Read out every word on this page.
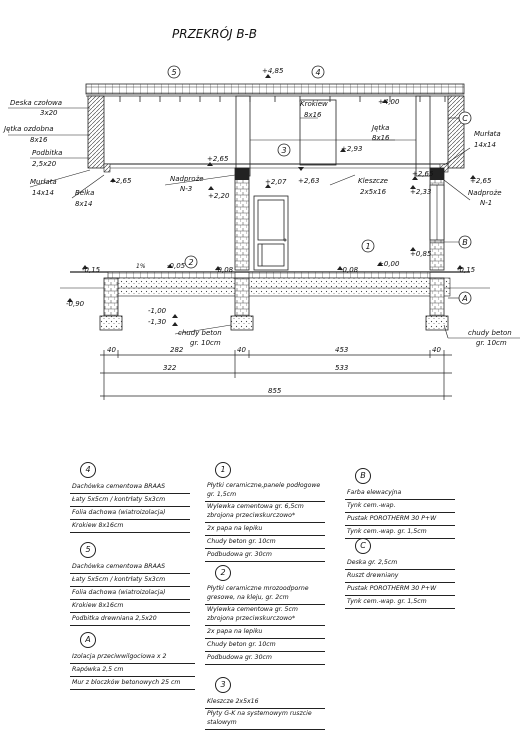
PRZEKRÓJ B-B
40	282	40	453	40
322	533
855
5	4
3
2
1
A
B
C
Deska czołowa
3x20
Jętka ozdobna
8x16
Podbitka
2,5x20
Murłata
14x14	Belka
8x14
Krokiew
8x16
Jętka
8x16	Murłata
14x14
Nadproże
N-1
Nadproże
N-3
Kleszcze
2x5x16
chudy beton
gr. 10cm
chudy beton
gr. 10cm
1%
+4,85
+4,00
+2,65
+2,65
+2,93
+2,20
+2,07 +2,63
+2,65
+2,65
+2,33
+0,85
-0,15	-0,05	-0,08	-0,08
±0,00
-0,15
-0,90
-1,00
-1,30
4
Dachówka cementowa BRAAS
Łaty 5x5cm / kontrłaty 5x3cm
Folia dachowa (wiatroizolacja)
Krokiew 8x16cm
5
Dachówka cementowa BRAAS
Łaty 5x5cm / kontrłaty 5x3cm
Folia dachowa (wiatroizolacja)
Krokiew 8x16cm
Podbitka drewniana 2,5x20
A
Izolacja przeciwwilgociowa x 2
Rapówka 2,5 cm
Mur z bloczków betonowych 25 cm
1
Płytki ceramiczne,panele podłogowe gr. 1,5cm
Wylewka cementowa gr. 6,5cm zbrojona przeciwskurczowo*
2x papa na lepiku
Chudy beton gr. 10cm
Podbudowa gr. 30cm
2
Płytki ceramiczne mrozoodporne gresowe, na kleju, gr. 2cm
Wylewka cementowa gr. 5cm zbrojona przeciwskurczowo*
2x papa na lepiku
Chudy beton gr. 10cm
Podbudowa gr. 30cm
3
Kleszcze 2x5x16
Płyty G-K na systemowym ruszcie stalowym
B
Farba elewacyjna
Tynk cem.-wap.
Pustak POROTHERM 30 P+W
Tynk cem.-wap. gr. 1,5cm
C
Deska gr. 2,5cm
Ruszt drewniany
Pustak POROTHERM 30 P+W
Tynk cem.-wap. gr. 1,5cm
